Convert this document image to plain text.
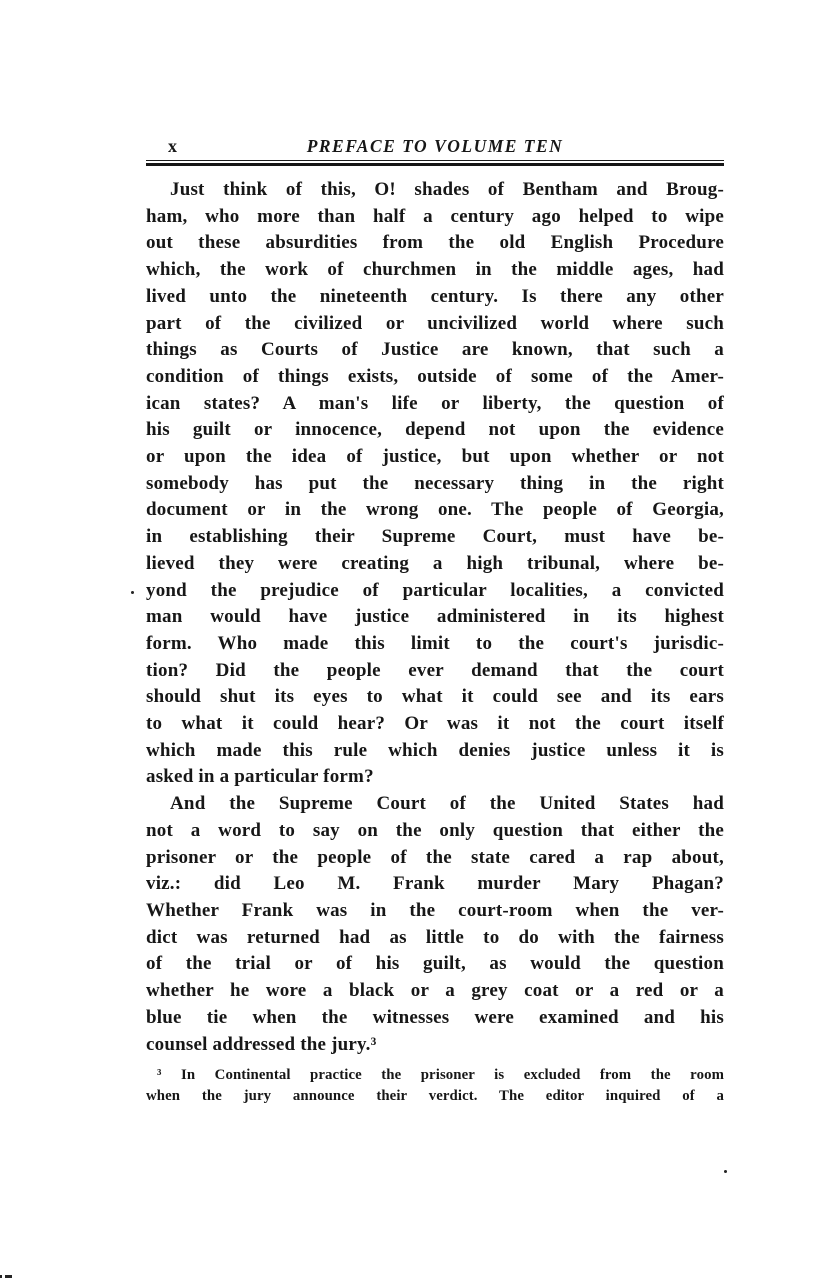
x	PREFACE TO VOLUME TEN
Just think of this, O! shades of Bentham and Broug-
ham, who more than half a century ago helped to wipe
out these absurdities from the old English Procedure
which, the work of churchmen in the middle ages, had
lived unto the nineteenth century. Is there any other
part of the civilized or uncivilized world where such
things as Courts of Justice are known, that such a
condition of things exists, outside of some of the Amer-
ican states? A man's life or liberty, the question of
his guilt or innocence, depend not upon the evidence
or upon the idea of justice, but upon whether or not
somebody has put the necessary thing in the right
document or in the wrong one. The people of Georgia,
in establishing their Supreme Court, must have be-
lieved they were creating a high tribunal, where be-
yond the prejudice of particular localities, a convicted
man would have justice administered in its highest
form. Who made this limit to the court's jurisdic-
tion? Did the people ever demand that the court
should shut its eyes to what it could see and its ears
to what it could hear? Or was it not the court itself
which made this rule which denies justice unless it is
asked in a particular form?
And the Supreme Court of the United States had
not a word to say on the only question that either the
prisoner or the people of the state cared a rap about,
viz.: did Leo M. Frank murder Mary Phagan?
Whether Frank was in the court-room when the ver-
dict was returned had as little to do with the fairness
of the trial or of his guilt, as would the question
whether he wore a black or a grey coat or a red or a
blue tie when the witnesses were examined and his
counsel addressed the jury.³
³ In Continental practice the prisoner is excluded from the room
when the jury announce their verdict. The editor inquired of a
